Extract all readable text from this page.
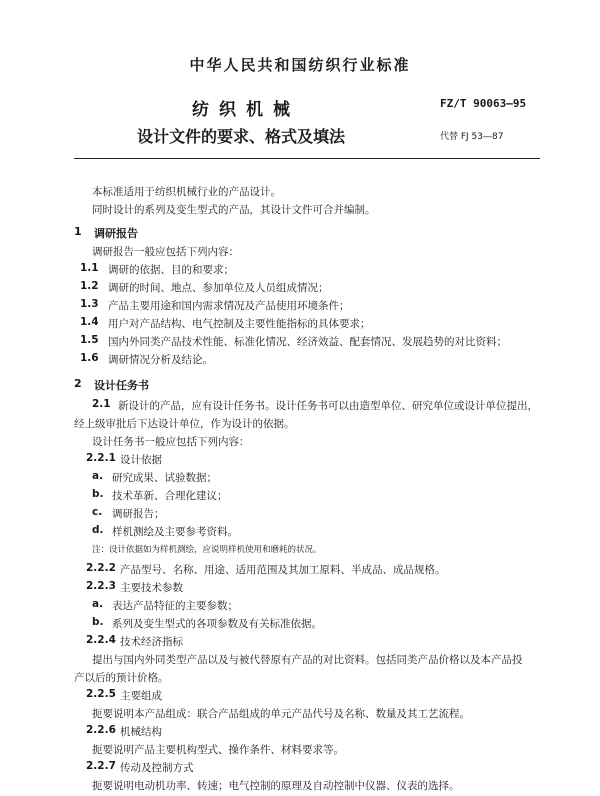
中华人民共和国纺织行业标准
纺织机械
设计文件的要求、格式及填法
FZ/T 90063—95
代替 FJ 53—87
本标准适用于纺织机械行业的产品设计。
同时设计的系列及变生型式的产品，其设计文件可合并编制。
1 调研报告
调研报告一般应包括下列内容：
1.1 调研的依据、目的和要求；
1.2 调研的时间、地点、参加单位及人员组成情况；
1.3 产品主要用途和国内需求情况及产品使用环境条件；
1.4 用户对产品结构、电气控制及主要性能指标的具体要求；
1.5 国内外同类产品技术性能、标准化情况、经济效益、配套情况、发展趋势的对比资料；
1.6 调研情况分析及结论。
2 设计任务书
2.1 新设计的产品，应有设计任务书。设计任务书可以由造型单位、研究单位或设计单位提出，
经上级审批后下达设计单位，作为设计的依据。
设计任务书一般应包括下列内容：
2.2.1 设计依据
a. 研究成果、试验数据；
b. 技术革新、合理化建议；
c. 调研报告；
d. 样机测绘及主要参考资料。
注：设计依据如为样机测绘，应说明样机使用和磨耗的状况。
2.2.2 产品型号、名称、用途、适用范围及其加工原料、半成品、成品规格。
2.2.3 主要技术参数
a. 表达产品特征的主要参数；
b. 系列及变生型式的各项参数及有关标准依据。
2.2.4 技术经济指标
提出与国内外同类型产品以及与被代替原有产品的对比资料。包括同类产品价格以及本产品投
产以后的预计价格。
2.2.5 主要组成
扼要说明本产品组成：联合产品组成的单元产品代号及名称、数量及其工艺流程。
2.2.6 机械结构
扼要说明产品主要机构型式、操作条件、材料要求等。
2.2.7 传动及控制方式
扼要说明电动机功率、转速；电气控制的原理及自动控制中仪器、仪表的选择。
